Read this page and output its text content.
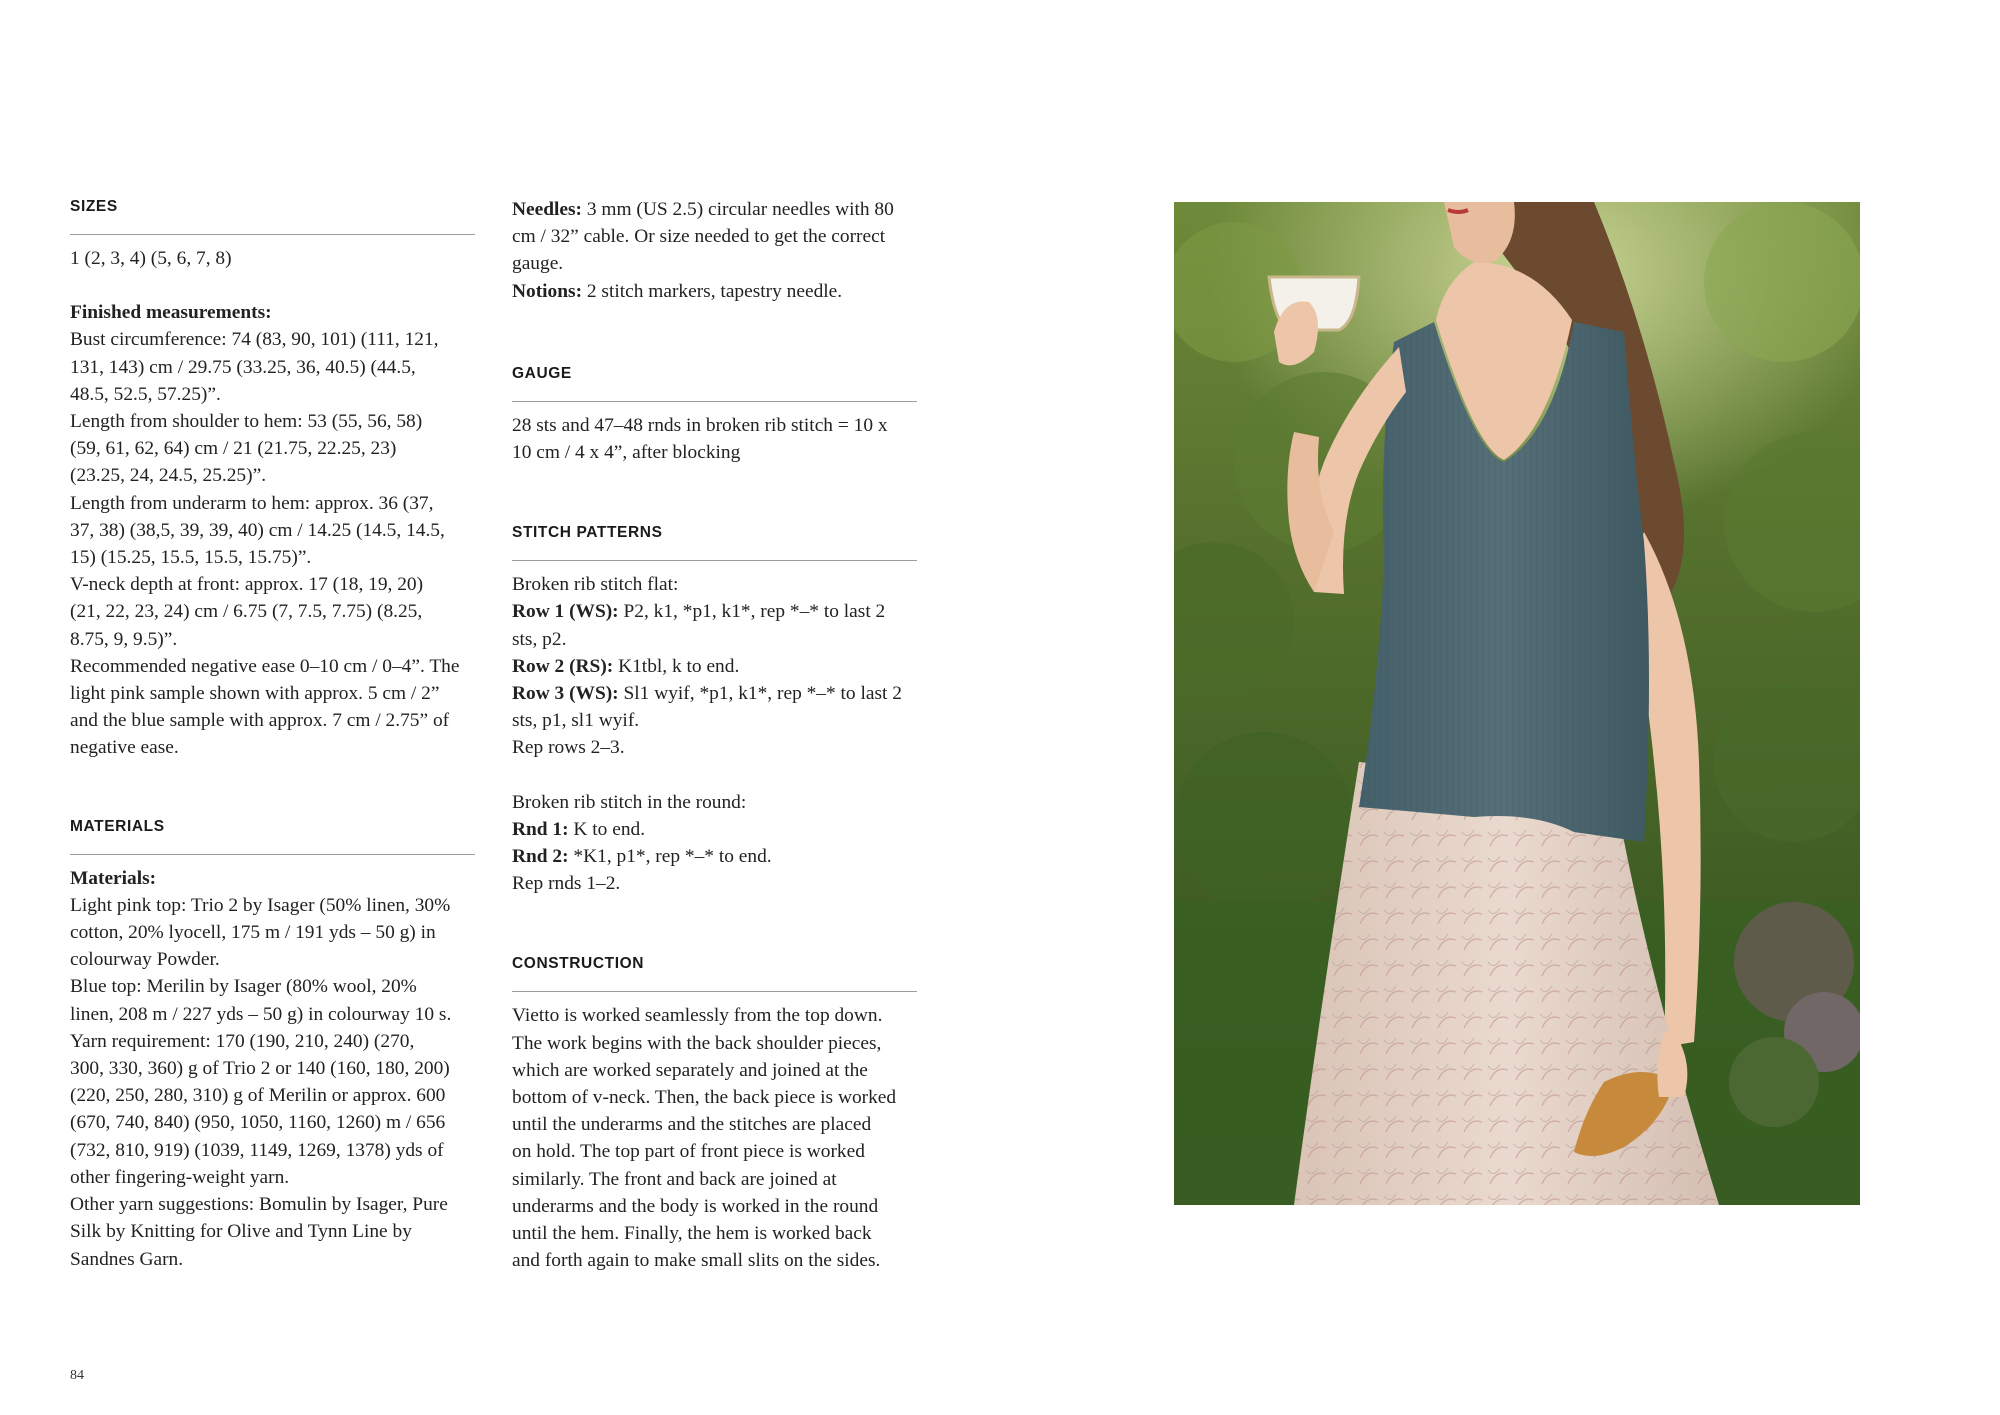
SIZES

1 (2, 3, 4) (5, 6, 7, 8)

Finished measurements:

Bust circumference: 74 (83, 90, 101) (111, 121,

131, 143) cm / 29.75 (33.25, 36, 40.5) (44.5,

48.5, 52.5, 57.25)”.

Length from shoulder to hem: 53 (55, 56, 58)

(59, 61, 62, 64) cm / 21 (21.75, 22.25, 23)

(23.25, 24, 24.5, 25.25)”.

Length from underarm to hem: approx. 36 (37,

37, 38) (38,5, 39, 39, 40) cm / 14.25 (14.5, 14.5,

15) (15.25, 15.5, 15.5, 15.75)”.

V-neck depth at front: approx. 17 (18, 19, 20)

(21, 22, 23, 24) cm / 6.75 (7, 7.5, 7.75) (8.25,

8.75, 9, 9.5)”.

Recommended negative ease 0–10 cm / 0–4”. The

light pink sample shown with approx. 5 cm / 2”

and the blue sample with approx. 7 cm / 2.75” of

negative ease.

MATERIALS

Materials:

Light pink top: Trio 2 by Isager (50% linen, 30%

cotton, 20% lyocell, 175 m / 191 yds – 50 g) in

colourway Powder.

Blue top: Merilin by Isager (80% wool, 20%

linen, 208 m / 227 yds – 50 g) in colourway 10 s.

Yarn requirement: 170 (190, 210, 240) (270,

300, 330, 360) g of Trio 2 or 140 (160, 180, 200)

(220, 250, 280, 310) g of Merilin or approx. 600

(670, 740, 840) (950, 1050, 1160, 1260) m / 656

(732, 810, 919) (1039, 1149, 1269, 1378) yds of

other fingering-weight yarn.

Other yarn suggestions: Bomulin by Isager, Pure

Silk by Knitting for Olive and Tynn Line by

Sandnes Garn.

Needles: 3 mm (US 2.5) circular needles with 80

cm / 32” cable. Or size needed to get the correct

gauge.

Notions: 2 stitch markers, tapestry needle.

GAUGE

28 sts and 47–48 rnds in broken rib stitch = 10 x

10 cm / 4 x 4”, after blocking

STITCH PATTERNS

Broken rib stitch flat:

Row 1 (WS): P2, k1, *p1, k1*, rep *–* to last 2

sts, p2.

Row 2 (RS): K1tbl, k to end.

Row 3 (WS): Sl1 wyif, *p1, k1*, rep *–* to last 2

sts, p1, sl1 wyif.

Rep rows 2–3.

Broken rib stitch in the round:

Rnd 1: K to end.

Rnd 2: *K1, p1*, rep *–* to end.

Rep rnds 1–2.

CONSTRUCTION

Vietto is worked seamlessly from the top down.

The work begins with the back shoulder pieces,

which are worked separately and joined at the

bottom of v-neck. Then, the back piece is worked

until the underarms and the stitches are placed

on hold. The top part of front piece is worked

similarly. The front and back are joined at

underarms and the body is worked in the round

until the hem. Finally, the hem is worked back

and forth again to make small slits on the sides.

84
